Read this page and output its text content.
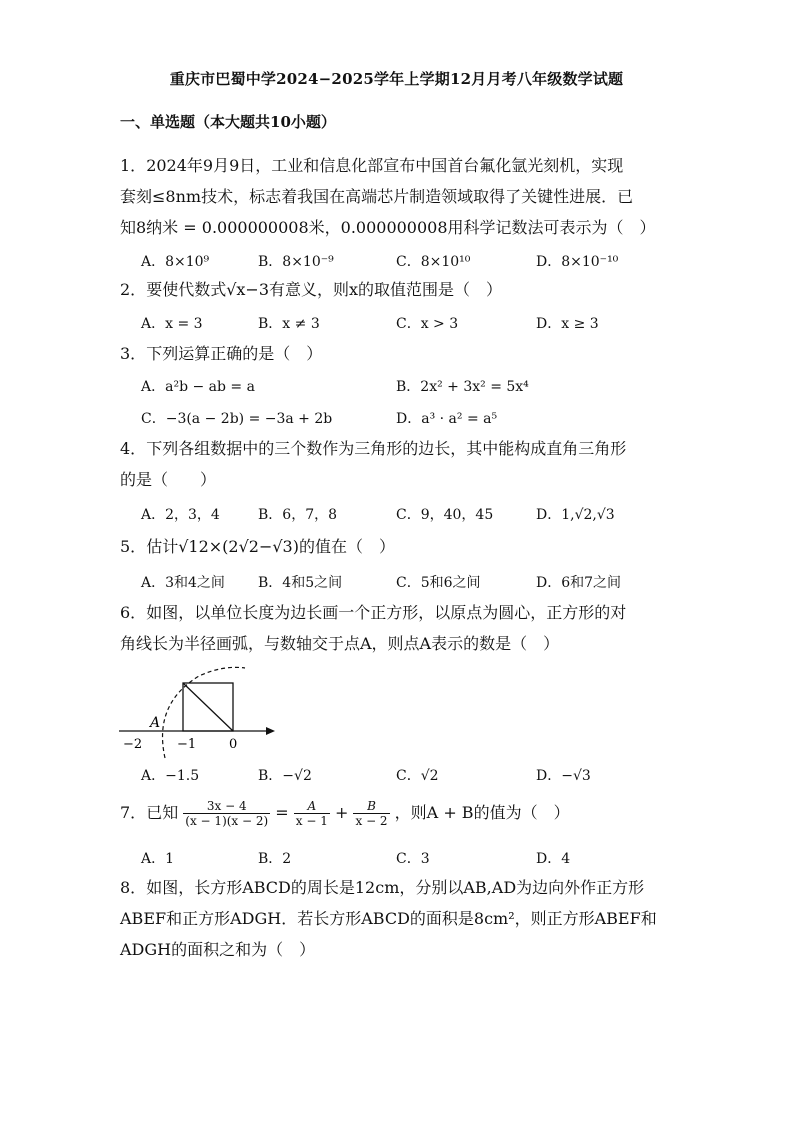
重庆市巴蜀中学2024−2025学年上学期12月月考八年级数学试题
一、单选题（本大题共10小题）
1．2024年9月9日，工业和信息化部宣布中国首台氟化氩光刻机，实现
套刻≤8nm技术，标志着我国在高端芯片制造领域取得了关键性进展．已
知8纳米 = 0.000000008米，0.000000008用科学记数法可表示为（　）
A．8×10⁹	B．8×10⁻⁹	C．8×10¹⁰	D．8×10⁻¹⁰
2．要使代数式√x−3有意义，则x的取值范围是（　）
A．x = 3	B．x ≠ 3	C．x > 3	D．x ≥ 3
3．下列运算正确的是（　）
A．a²b − ab = a	B．2x² + 3x² = 5x⁴
C．−3(a − 2b) = −3a + 2b	D．a³ · a² = a⁵
4．下列各组数据中的三个数作为三角形的边长，其中能构成直角三角形
的是（　　）
A．2，3，4	B．6，7，8	C．9，40，45	D．1,√2,√3
5．估计√12×(2√2−√3)的值在（　）
A．3和4之间 B．4和5之间	C．5和6之间	D．6和7之间
6．如图，以单位长度为边长画一个正方形，以原点为圆心，正方形的对
角线长为半径画弧，与数轴交于点A，则点A表示的数是（　）
A
−2	−1	0
A．−1.5	B．−√2	C．√2	D．−√3
7．已知 $\frac{3x - 4}{(x - 1)(x - 2)} = \frac{A}{x - 1} + \frac{B}{x - 2}$ ，则A + B的值为（　）
A．1	B．2	C．3	D．4
8．如图，长方形ABCD的周长是12cm，分别以AB,AD为边向外作正方形
ABEF和正方形ADGH．若长方形ABCD的面积是8cm²，则正方形ABEF和
ADGH的面积之和为（　）
